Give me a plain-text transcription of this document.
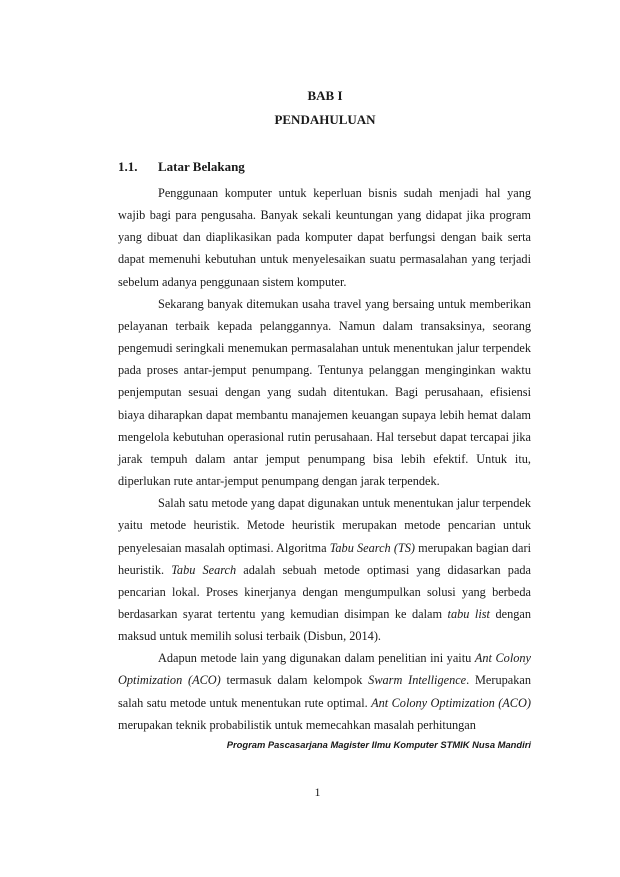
BAB I
PENDAHULUAN
1.1. Latar Belakang

Penggunaan komputer untuk keperluan bisnis sudah menjadi hal yang wajib bagi para pengusaha. Banyak sekali keuntungan yang didapat jika program yang dibuat dan diaplikasikan pada komputer dapat berfungsi dengan baik serta dapat memenuhi kebutuhan untuk menyelesaikan suatu permasalahan yang terjadi sebelum adanya penggunaan sistem komputer.

Sekarang banyak ditemukan usaha travel yang bersaing untuk memberikan pelayanan terbaik kepada pelanggannya. Namun dalam transaksinya, seorang pengemudi seringkali menemukan permasalahan untuk menentukan jalur terpendek pada proses antar-jemput penumpang. Tentunya pelanggan menginginkan waktu penjemputan sesuai dengan yang sudah ditentukan. Bagi perusahaan, efisiensi biaya diharapkan dapat membantu manajemen keuangan supaya lebih hemat dalam mengelola kebutuhan operasional rutin perusahaan. Hal tersebut dapat tercapai jika jarak tempuh dalam antar jemput penumpang bisa lebih efektif. Untuk itu, diperlukan rute antar-jemput penumpang dengan jarak terpendek.

Salah satu metode yang dapat digunakan untuk menentukan jalur terpendek yaitu metode heuristik. Metode heuristik merupakan metode pencarian untuk penyelesaian masalah optimasi. Algoritma Tabu Search (TS) merupakan bagian dari heuristik. Tabu Search adalah sebuah metode optimasi yang didasarkan pada pencarian lokal. Proses kinerjanya dengan mengumpulkan solusi yang berbeda berdasarkan syarat tertentu yang kemudian disimpan ke dalam tabu list dengan maksud untuk memilih solusi terbaik (Disbun, 2014).

Adapun metode lain yang digunakan dalam penelitian ini yaitu Ant Colony Optimization (ACO) termasuk dalam kelompok Swarm Intelligence. Merupakan salah satu metode untuk menentukan rute optimal. Ant Colony Optimization (ACO) merupakan teknik probabilistik untuk memecahkan masalah perhitungan

Program Pascasarjana Magister Ilmu Komputer STMIK Nusa Mandiri

1
